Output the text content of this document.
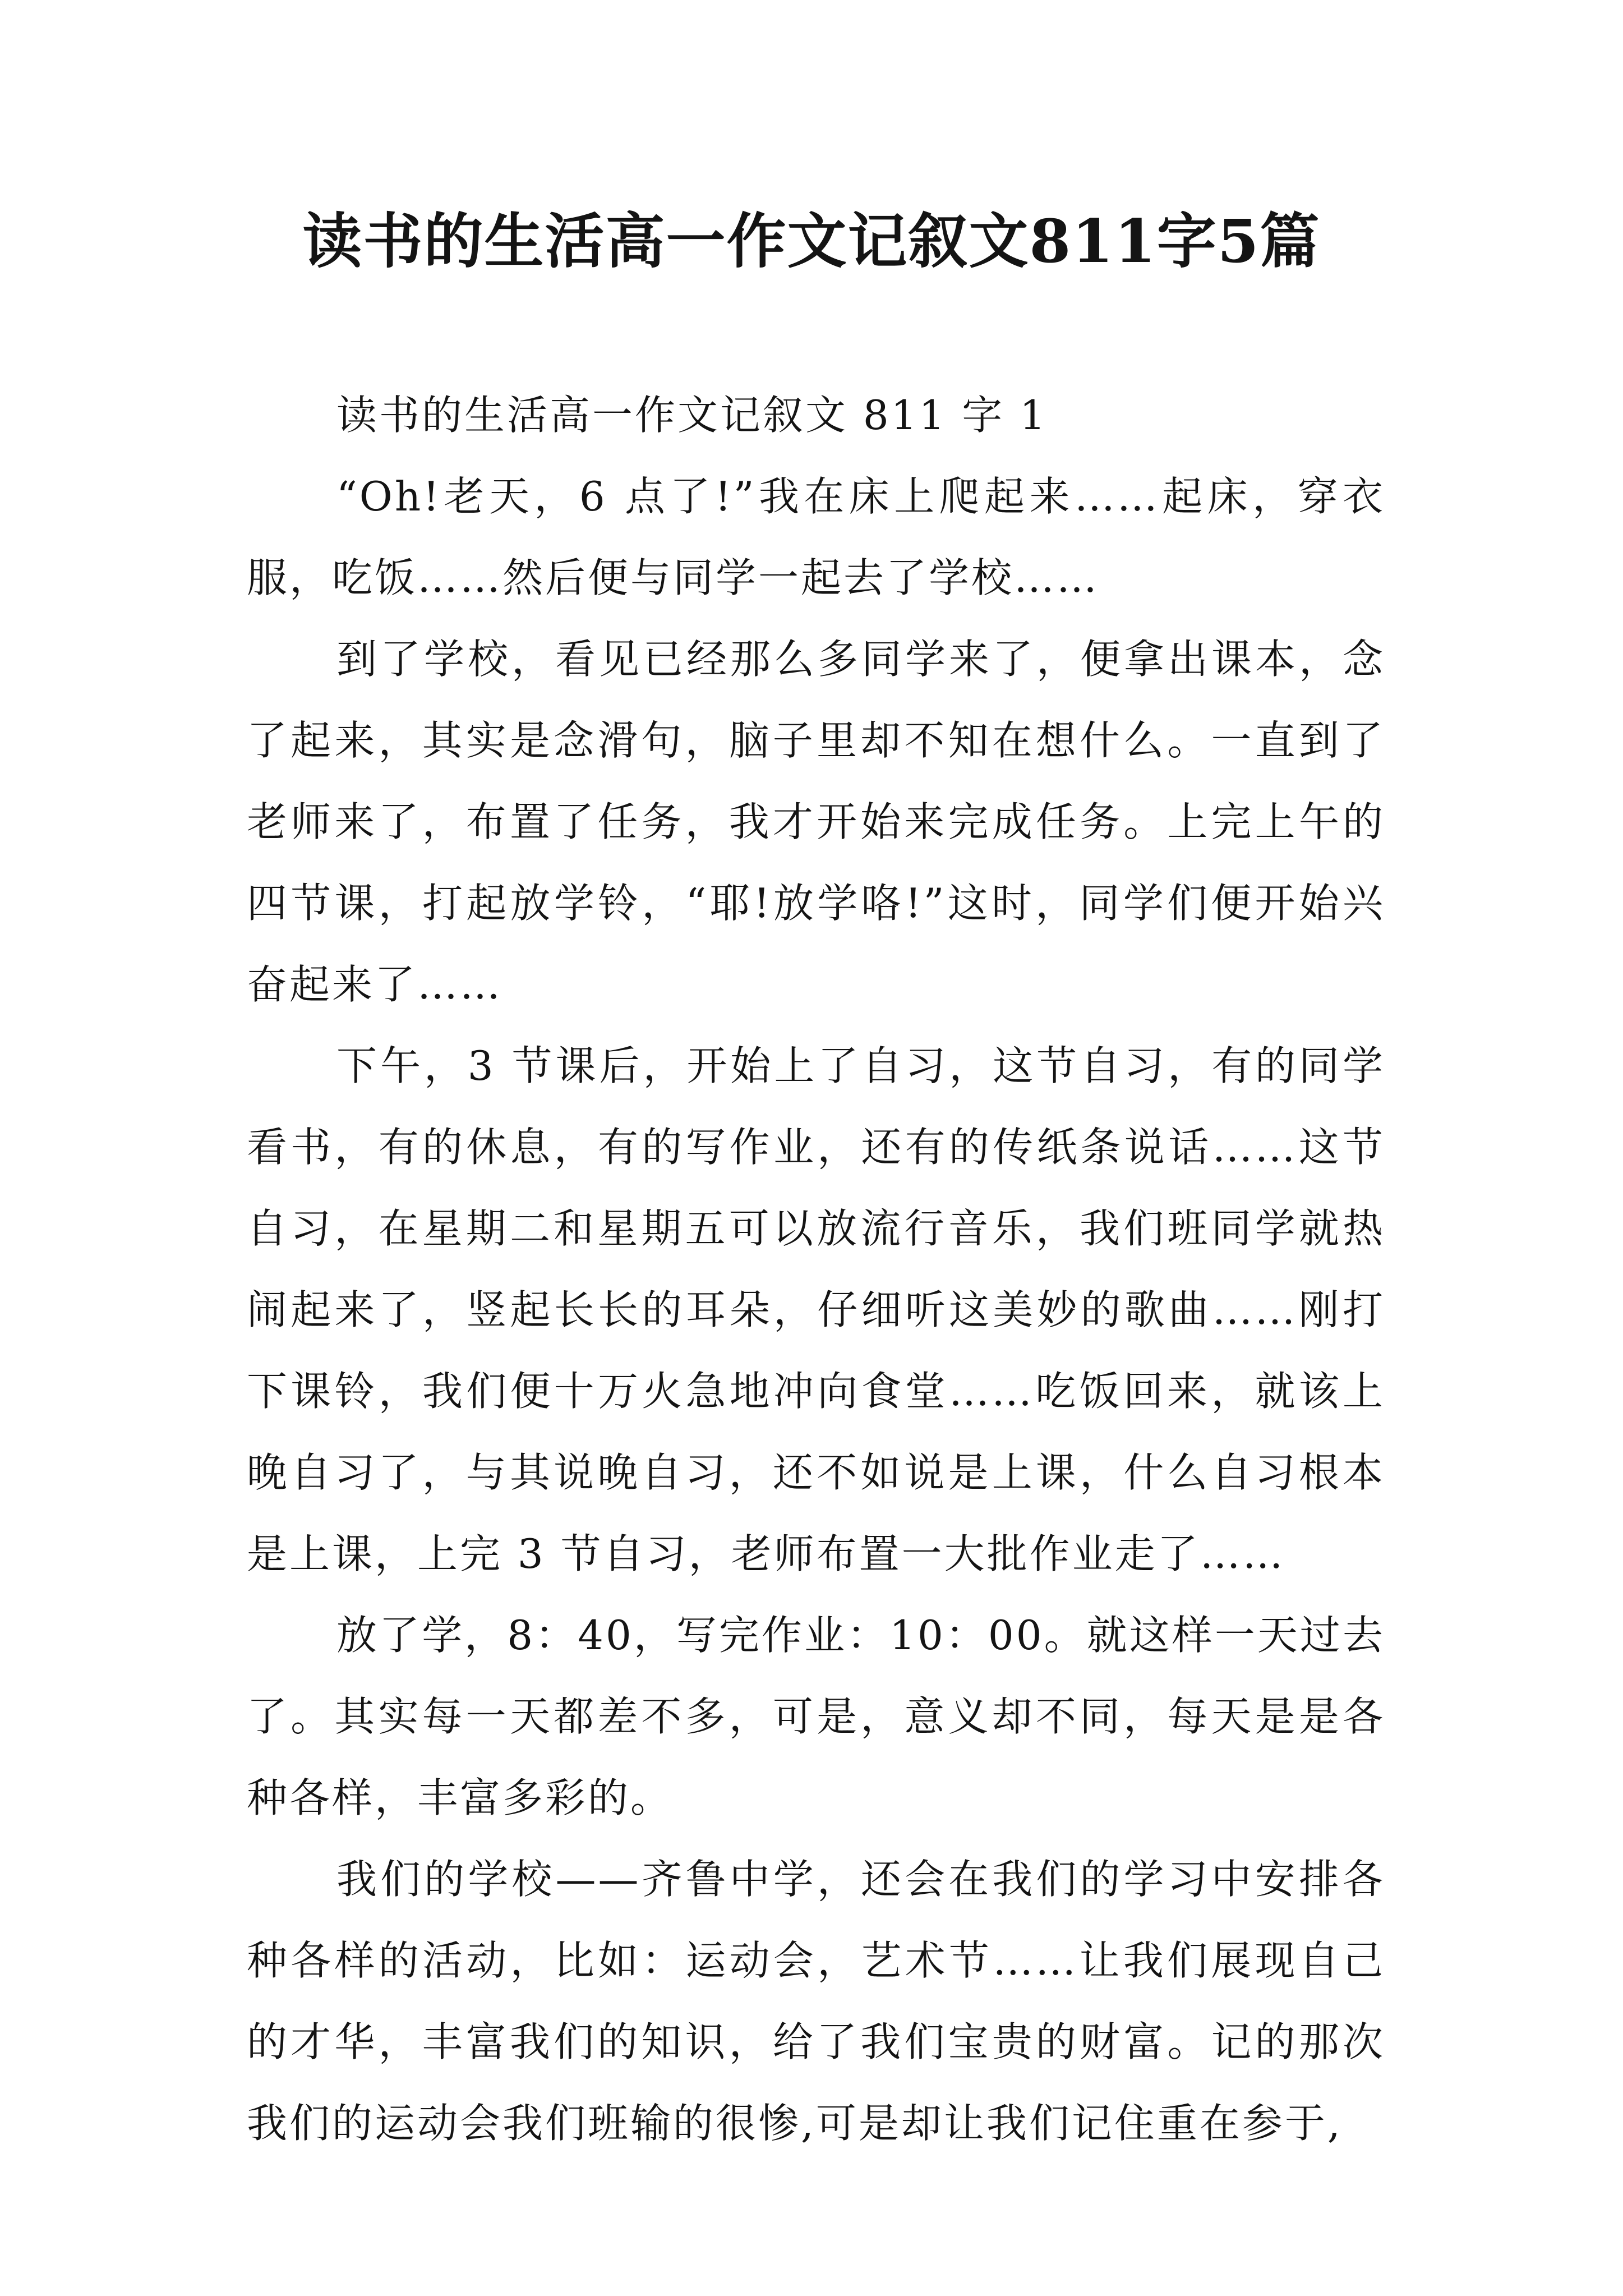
读书的生活高一作文记叙文811字5篇

读书的生活高一作文记叙文 811 字 1

“Oh!老天，6 点了!”我在床上爬起来……起床，穿衣服，吃饭……然后便与同学一起去了学校……

到了学校，看见已经那么多同学来了，便拿出课本，念了起来，其实是念滑句，脑子里却不知在想什么。一直到了老师来了，布置了任务，我才开始来完成任务。上完上午的四节课，打起放学铃，“耶!放学咯!”这时，同学们便开始兴奋起来了……

下午，3 节课后，开始上了自习，这节自习，有的同学看书，有的休息，有的写作业，还有的传纸条说话……这节自习，在星期二和星期五可以放流行音乐，我们班同学就热闹起来了，竖起长长的耳朵，仔细听这美妙的歌曲……刚打下课铃，我们便十万火急地冲向食堂……吃饭回来，就该上晚自习了，与其说晚自习，还不如说是上课，什么自习根本是上课，上完 3 节自习，老师布置一大批作业走了……

放了学，8：40，写完作业：10：00。就这样一天过去了。其实每一天都差不多，可是，意义却不同，每天是是各种各样，丰富多彩的。

我们的学校——齐鲁中学，还会在我们的学习中安排各种各样的活动，比如：运动会，艺术节……让我们展现自己的才华，丰富我们的知识，给了我们宝贵的财富。记的那次我们的运动会我们班输的很惨,可是却让我们记住重在参于,
